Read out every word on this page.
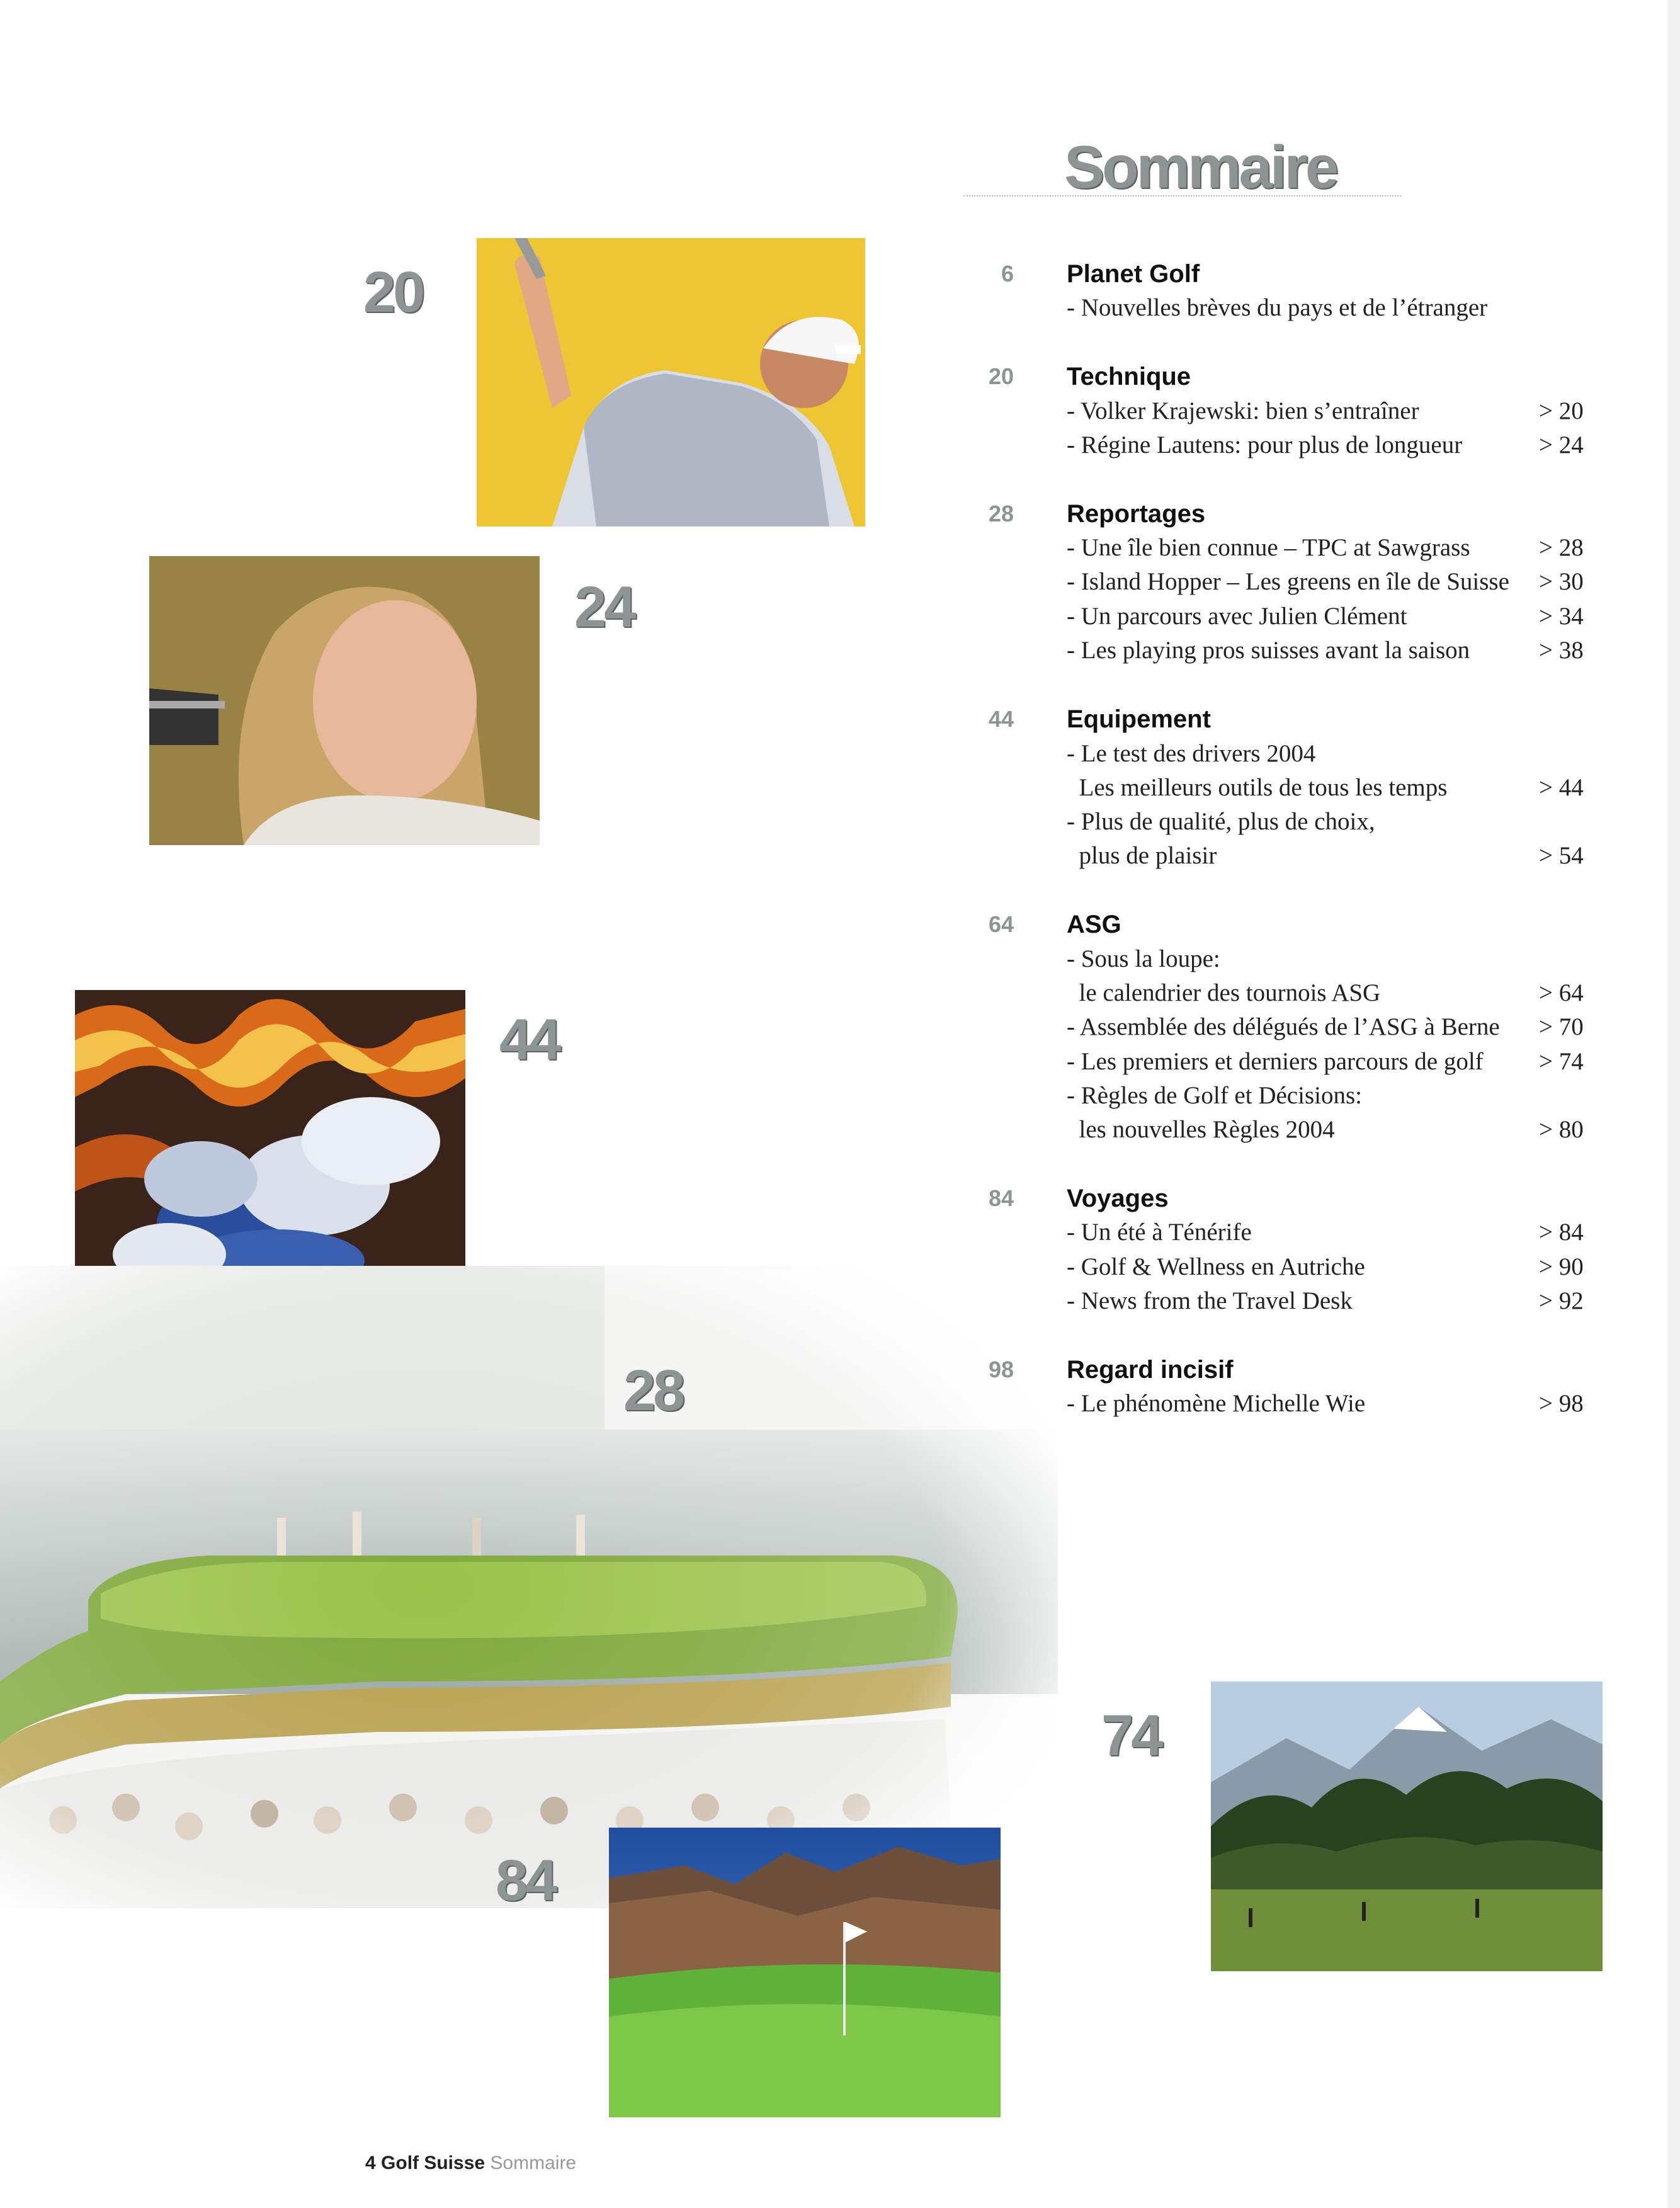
20
24
44
28
84
74
Sommaire
6 Planet Golf
- Nouvelles brèves du pays et de l’étranger
20 Technique
- Volker Krajewski: bien s’entraîner	> 20
- Régine Lautens: pour plus de longueur	> 24
28 Reportages
- Une île bien connue – TPC at Sawgrass	> 28
- Island Hopper – Les greens en île de Suisse > 30
- Un parcours avec Julien Clément	> 34
- Les playing pros suisses avant la saison	> 38
44 Equipement
- Le test des drivers 2004
Les meilleurs outils de tous les temps	> 44
- Plus de qualité, plus de choix,
plus de plaisir	> 54
64 ASG
- Sous la loupe:
le calendrier des tournois ASG	> 64
- Assemblée des délégués de l’ASG à Berne > 70
- Les premiers et derniers parcours de golf > 74
- Règles de Golf et Décisions:
les nouvelles Règles 2004	> 80
84 Voyages
- Un été à Ténérife	> 84
- Golf & Wellness en Autriche	> 90
- News from the Travel Desk	> 92
98 Regard incisif
- Le phénomène Michelle Wie	> 98
4 Golf Suisse Sommaire
